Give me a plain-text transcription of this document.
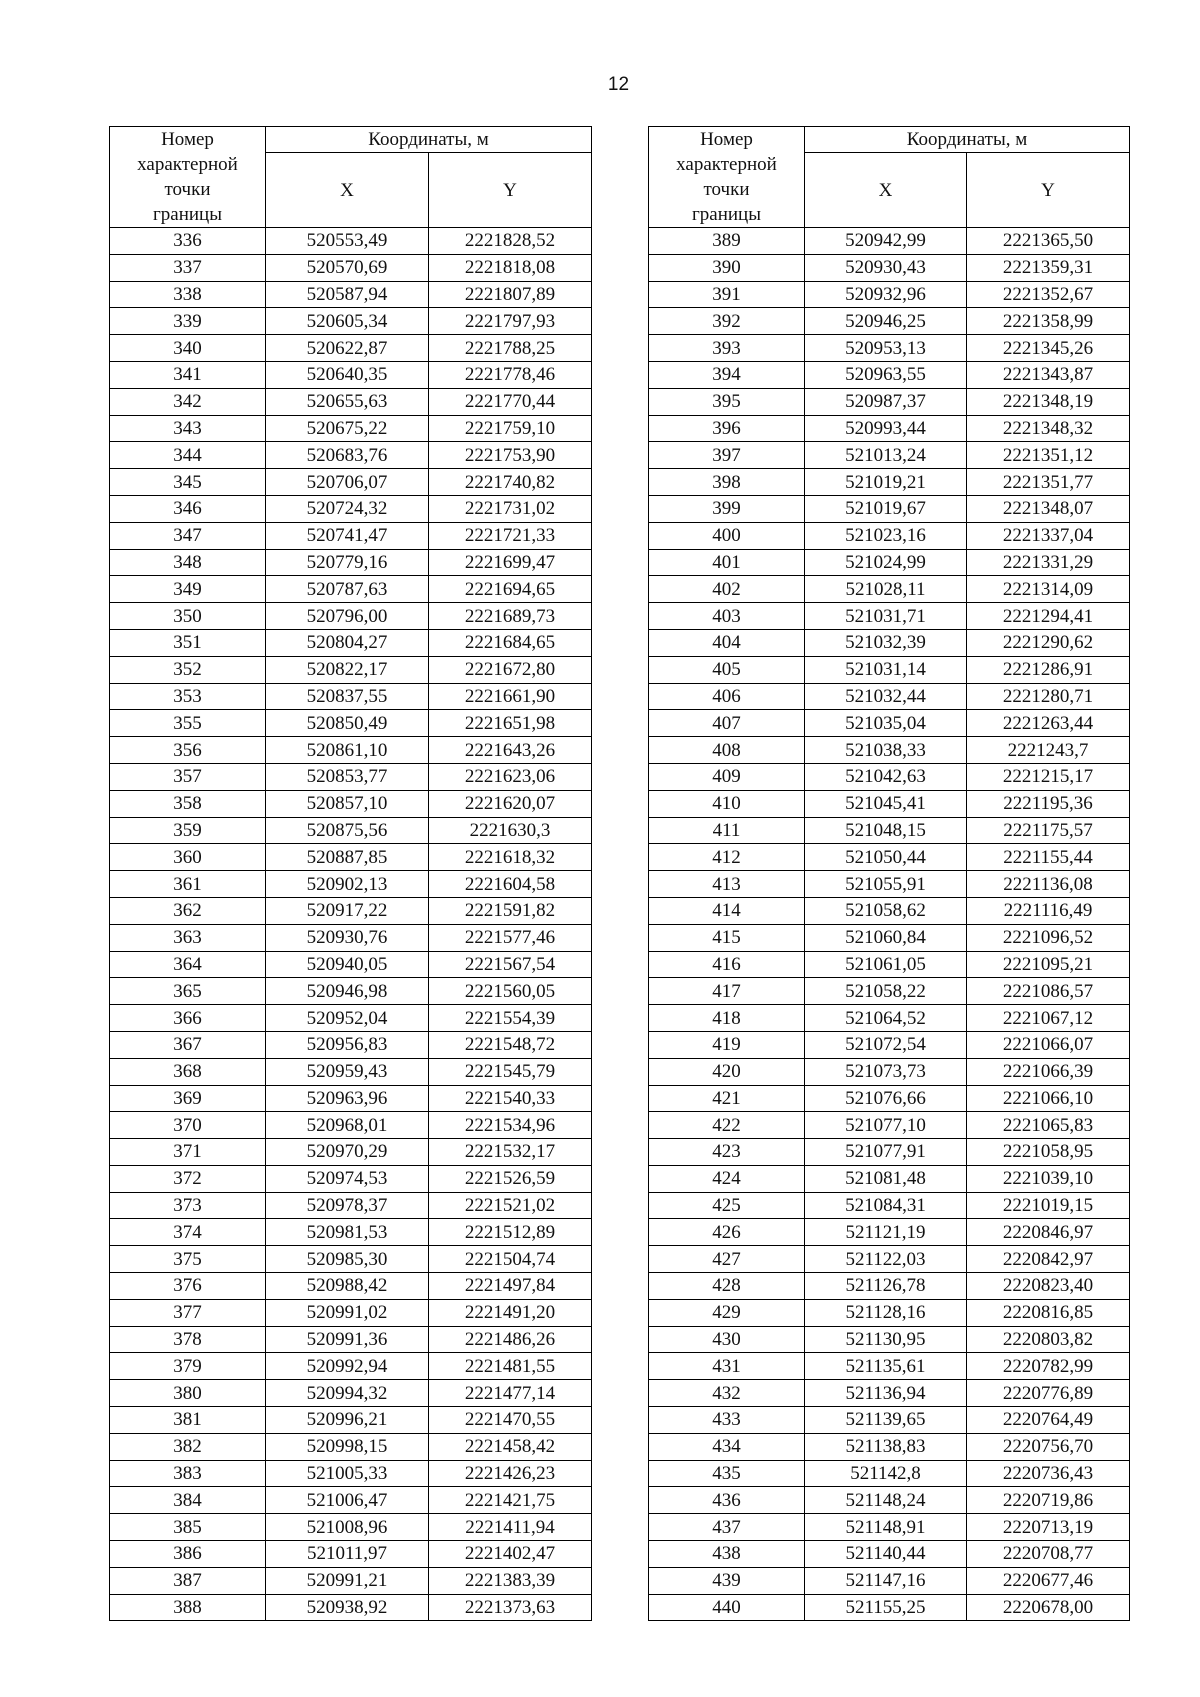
12
Номер
характерной
точки
границы	Координаты, м	
	X	Y
336	520553,49	2221828,52
337	520570,69	2221818,08
338	520587,94	2221807,89
339	520605,34	2221797,93
340	520622,87	2221788,25
341	520640,35	2221778,46
342	520655,63	2221770,44
343	520675,22	2221759,10
344	520683,76	2221753,90
345	520706,07	2221740,82
346	520724,32	2221731,02
347	520741,47	2221721,33
348	520779,16	2221699,47
349	520787,63	2221694,65
350	520796,00	2221689,73
351	520804,27	2221684,65
352	520822,17	2221672,80
353	520837,55	2221661,90
355	520850,49	2221651,98
356	520861,10	2221643,26
357	520853,77	2221623,06
358	520857,10	2221620,07
359	520875,56	2221630,3
360	520887,85	2221618,32
361	520902,13	2221604,58
362	520917,22	2221591,82
363	520930,76	2221577,46
364	520940,05	2221567,54
365	520946,98	2221560,05
366	520952,04	2221554,39
367	520956,83	2221548,72
368	520959,43	2221545,79
369	520963,96	2221540,33
370	520968,01	2221534,96
371	520970,29	2221532,17
372	520974,53	2221526,59
373	520978,37	2221521,02
374	520981,53	2221512,89
375	520985,30	2221504,74
376	520988,42	2221497,84
377	520991,02	2221491,20
378	520991,36	2221486,26
379	520992,94	2221481,55
380	520994,32	2221477,14
381	520996,21	2221470,55
382	520998,15	2221458,42
383	521005,33	2221426,23
384	521006,47	2221421,75
385	521008,96	2221411,94
386	521011,97	2221402,47
387	520991,21	2221383,39
388	520938,92	2221373,63
Номер
характерной
точки
границы	Координаты, м	
	X	Y
389	520942,99	2221365,50
390	520930,43	2221359,31
391	520932,96	2221352,67
392	520946,25	2221358,99
393	520953,13	2221345,26
394	520963,55	2221343,87
395	520987,37	2221348,19
396	520993,44	2221348,32
397	521013,24	2221351,12
398	521019,21	2221351,77
399	521019,67	2221348,07
400	521023,16	2221337,04
401	521024,99	2221331,29
402	521028,11	2221314,09
403	521031,71	2221294,41
404	521032,39	2221290,62
405	521031,14	2221286,91
406	521032,44	2221280,71
407	521035,04	2221263,44
408	521038,33	2221243,7
409	521042,63	2221215,17
410	521045,41	2221195,36
411	521048,15	2221175,57
412	521050,44	2221155,44
413	521055,91	2221136,08
414	521058,62	2221116,49
415	521060,84	2221096,52
416	521061,05	2221095,21
417	521058,22	2221086,57
418	521064,52	2221067,12
419	521072,54	2221066,07
420	521073,73	2221066,39
421	521076,66	2221066,10
422	521077,10	2221065,83
423	521077,91	2221058,95
424	521081,48	2221039,10
425	521084,31	2221019,15
426	521121,19	2220846,97
427	521122,03	2220842,97
428	521126,78	2220823,40
429	521128,16	2220816,85
430	521130,95	2220803,82
431	521135,61	2220782,99
432	521136,94	2220776,89
433	521139,65	2220764,49
434	521138,83	2220756,70
435	521142,8	2220736,43
436	521148,24	2220719,86
437	521148,91	2220713,19
438	521140,44	2220708,77
439	521147,16	2220677,46
440	521155,25	2220678,00
